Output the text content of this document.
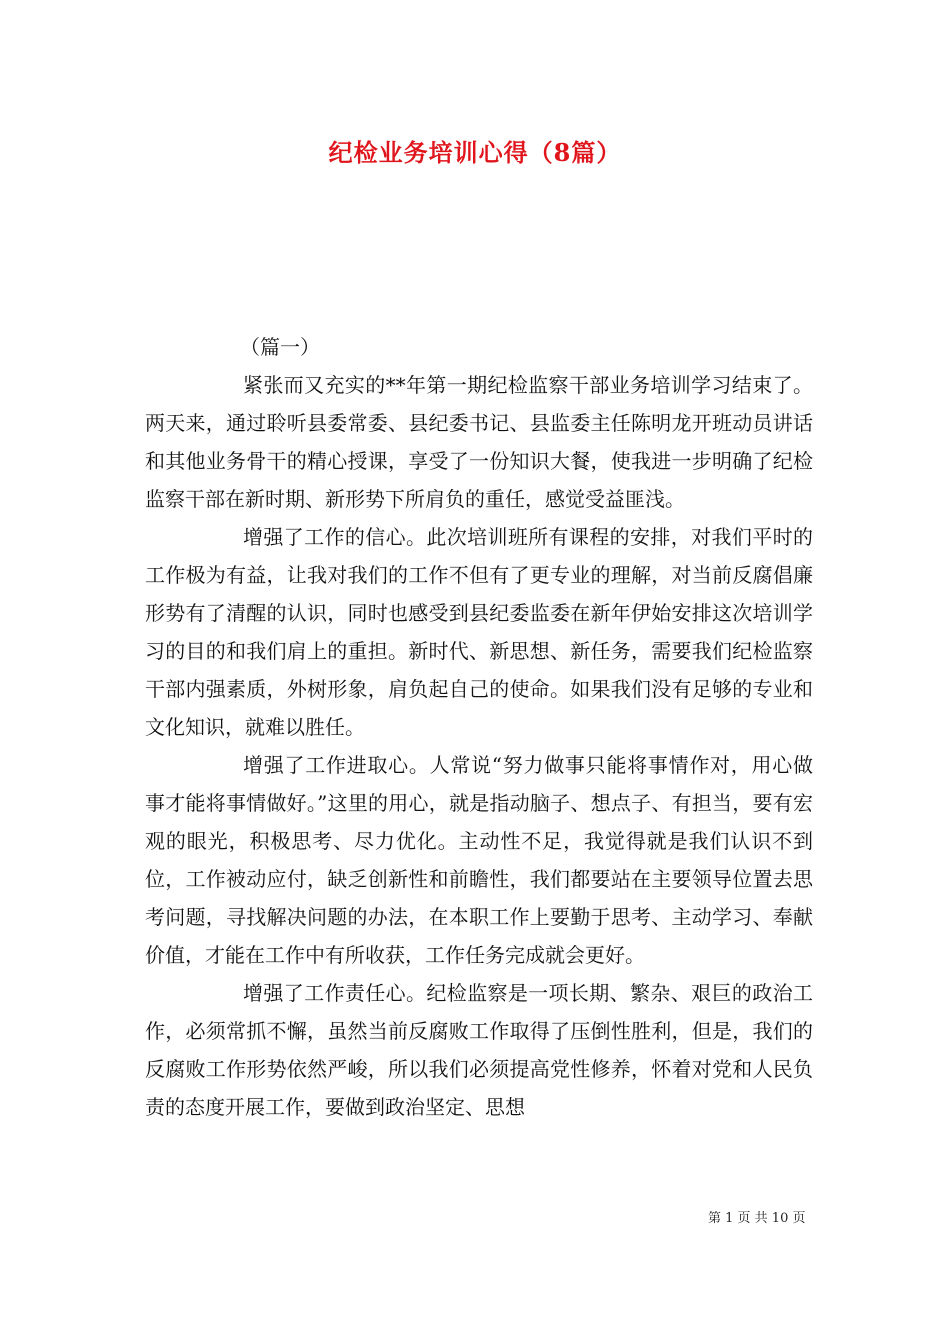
纪检业务培训心得（8篇）

（篇一）

紧张而又充实的**年第一期纪检监察干部业务培训学习结束了。两天来，通过聆听县委常委、县纪委书记、县监委主任陈明龙开班动员讲话和其他业务骨干的精心授课，享受了一份知识大餐，使我进一步明确了纪检监察干部在新时期、新形势下所肩负的重任，感觉受益匪浅。

增强了工作的信心。此次培训班所有课程的安排，对我们平时的工作极为有益，让我对我们的工作不但有了更专业的理解，对当前反腐倡廉形势有了清醒的认识，同时也感受到县纪委监委在新年伊始安排这次培训学习的目的和我们肩上的重担。新时代、新思想、新任务，需要我们纪检监察干部内强素质，外树形象，肩负起自己的使命。如果我们没有足够的专业和文化知识，就难以胜任。

增强了工作进取心。人常说“努力做事只能将事情作对，用心做事才能将事情做好。”这里的用心，就是指动脑子、想点子、有担当，要有宏观的眼光，积极思考、尽力优化。主动性不足，我觉得就是我们认识不到位，工作被动应付，缺乏创新性和前瞻性，我们都要站在主要领导位置去思考问题，寻找解决问题的办法，在本职工作上要勤于思考、主动学习、奉献价值，才能在工作中有所收获，工作任务完成就会更好。

增强了工作责任心。纪检监察是一项长期、繁杂、艰巨的政治工作，必须常抓不懈，虽然当前反腐败工作取得了压倒性胜利，但是，我们的反腐败工作形势依然严峻，所以我们必须提高党性修养，怀着对党和人民负责的态度开展工作，要做到政治坚定、思想

第 1 页 共 10 页
